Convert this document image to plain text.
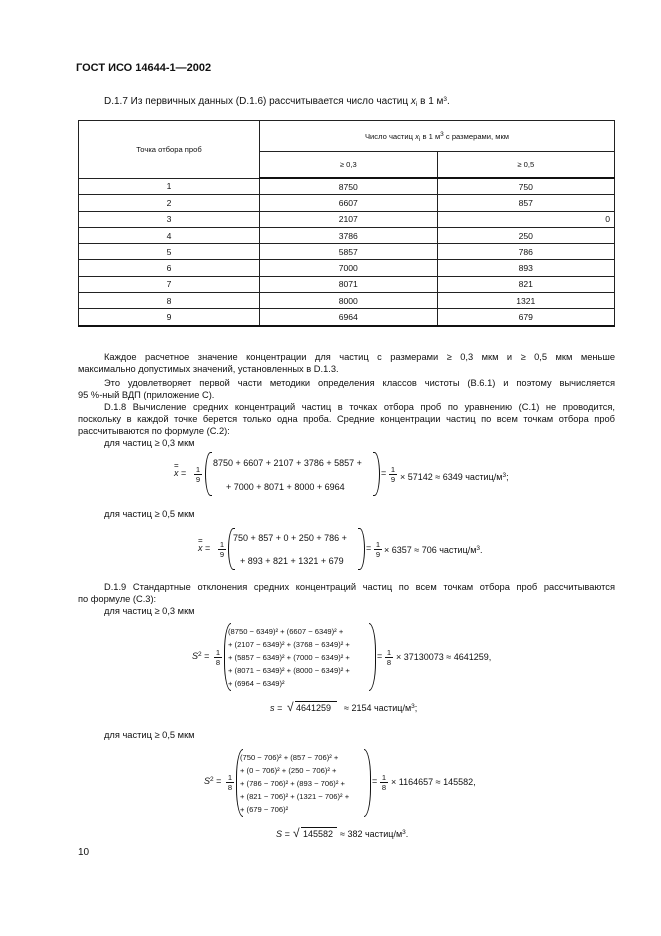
ГОСТ ИСО 14644-1—2002
D.1.7 Из первичных данных (D.1.6) рассчитывается число частиц $x_i$ в 1 $м^3$.
Точка отбора проб	Число частиц $x_i$ в 1 $м^3$ с размерами, мкм	
	≥ 0,3	≥ 0,5
1	8750	750
2	6607	857
3	2107	0
4	3786	250
5	5857	786
6	7000	893
7	8071	821
8	8000	1321
9	6964	679
Каждое расчетное значение концентрации для частиц с размерами ≥ 0,3 мкм и ≥ 0,5 мкм меньше
максимально допустимых значений, установленных в D.1.3.
Это удовлетворяет первой части методики определения классов чистоты (B.6.1) и поэтому вычисляется
95 %-ный ВДП (приложение С).
D.1.8 Вычисление средних концентраций частиц в точках отбора проб по уравнению (С.1) не проводится,
поскольку в каждой точке берется только одна проба. Средние концентрации частиц по всем точкам отбора проб
рассчитываются по формуле (С.2):
для частиц ≥ 0,3 мкм
=
$x = \frac{1}{9}$
8750 + 6607 + 2107 + 3786 + 5857 +
+ 7000 + 8071 + 8000 + 6964
= $\frac{1}{9} \times 57142 \approx 6349$ частиц/$м^3$;
для частиц ≥ 0,5 мкм
=
$x = \frac{1}{9}$
750 + 857 + 0 + 250 + 786 +
+ 893 + 821 + 1321 + 679
= $\frac{1}{9} \times 6357 \approx 706$ частиц/$м^3$.
D.1.9 Стандартные отклонения средних концентраций частиц по всем точкам отбора проб рассчитываются
по формуле (С.3):
для частиц ≥ 0,3 мкм
$S^2 = \frac{1}{8}$
(8750 − 6349)² + (6607 − 6349)² +
+ (2107 − 6349)² + (3768 − 6349)² +
+ (5857 − 6349)² + (7000 − 6349)² +
+ (8071 − 6349)² + (8000 − 6349)² +
+ (6964 − 6349)²
= $\frac{1}{8} \times 37130073 \approx 4641259$,
s = √ 4641259 ≈ 2154 частиц/$м^3$;
для частиц ≥ 0,5 мкм
$S^2 = \frac{1}{8}$
(750 − 706)² + (857 − 706)² +
+ (0 − 706)² + (250 − 706)² +
+ (786 − 706)² + (893 − 706)² +
+ (821 − 706)² + (1321 − 706)² +
+ (679 − 706)²
= $\frac{1}{8} \times 1164657 \approx 145582$,
S = √ 145582 ≈ 382 частиц/$м^3$.
10
